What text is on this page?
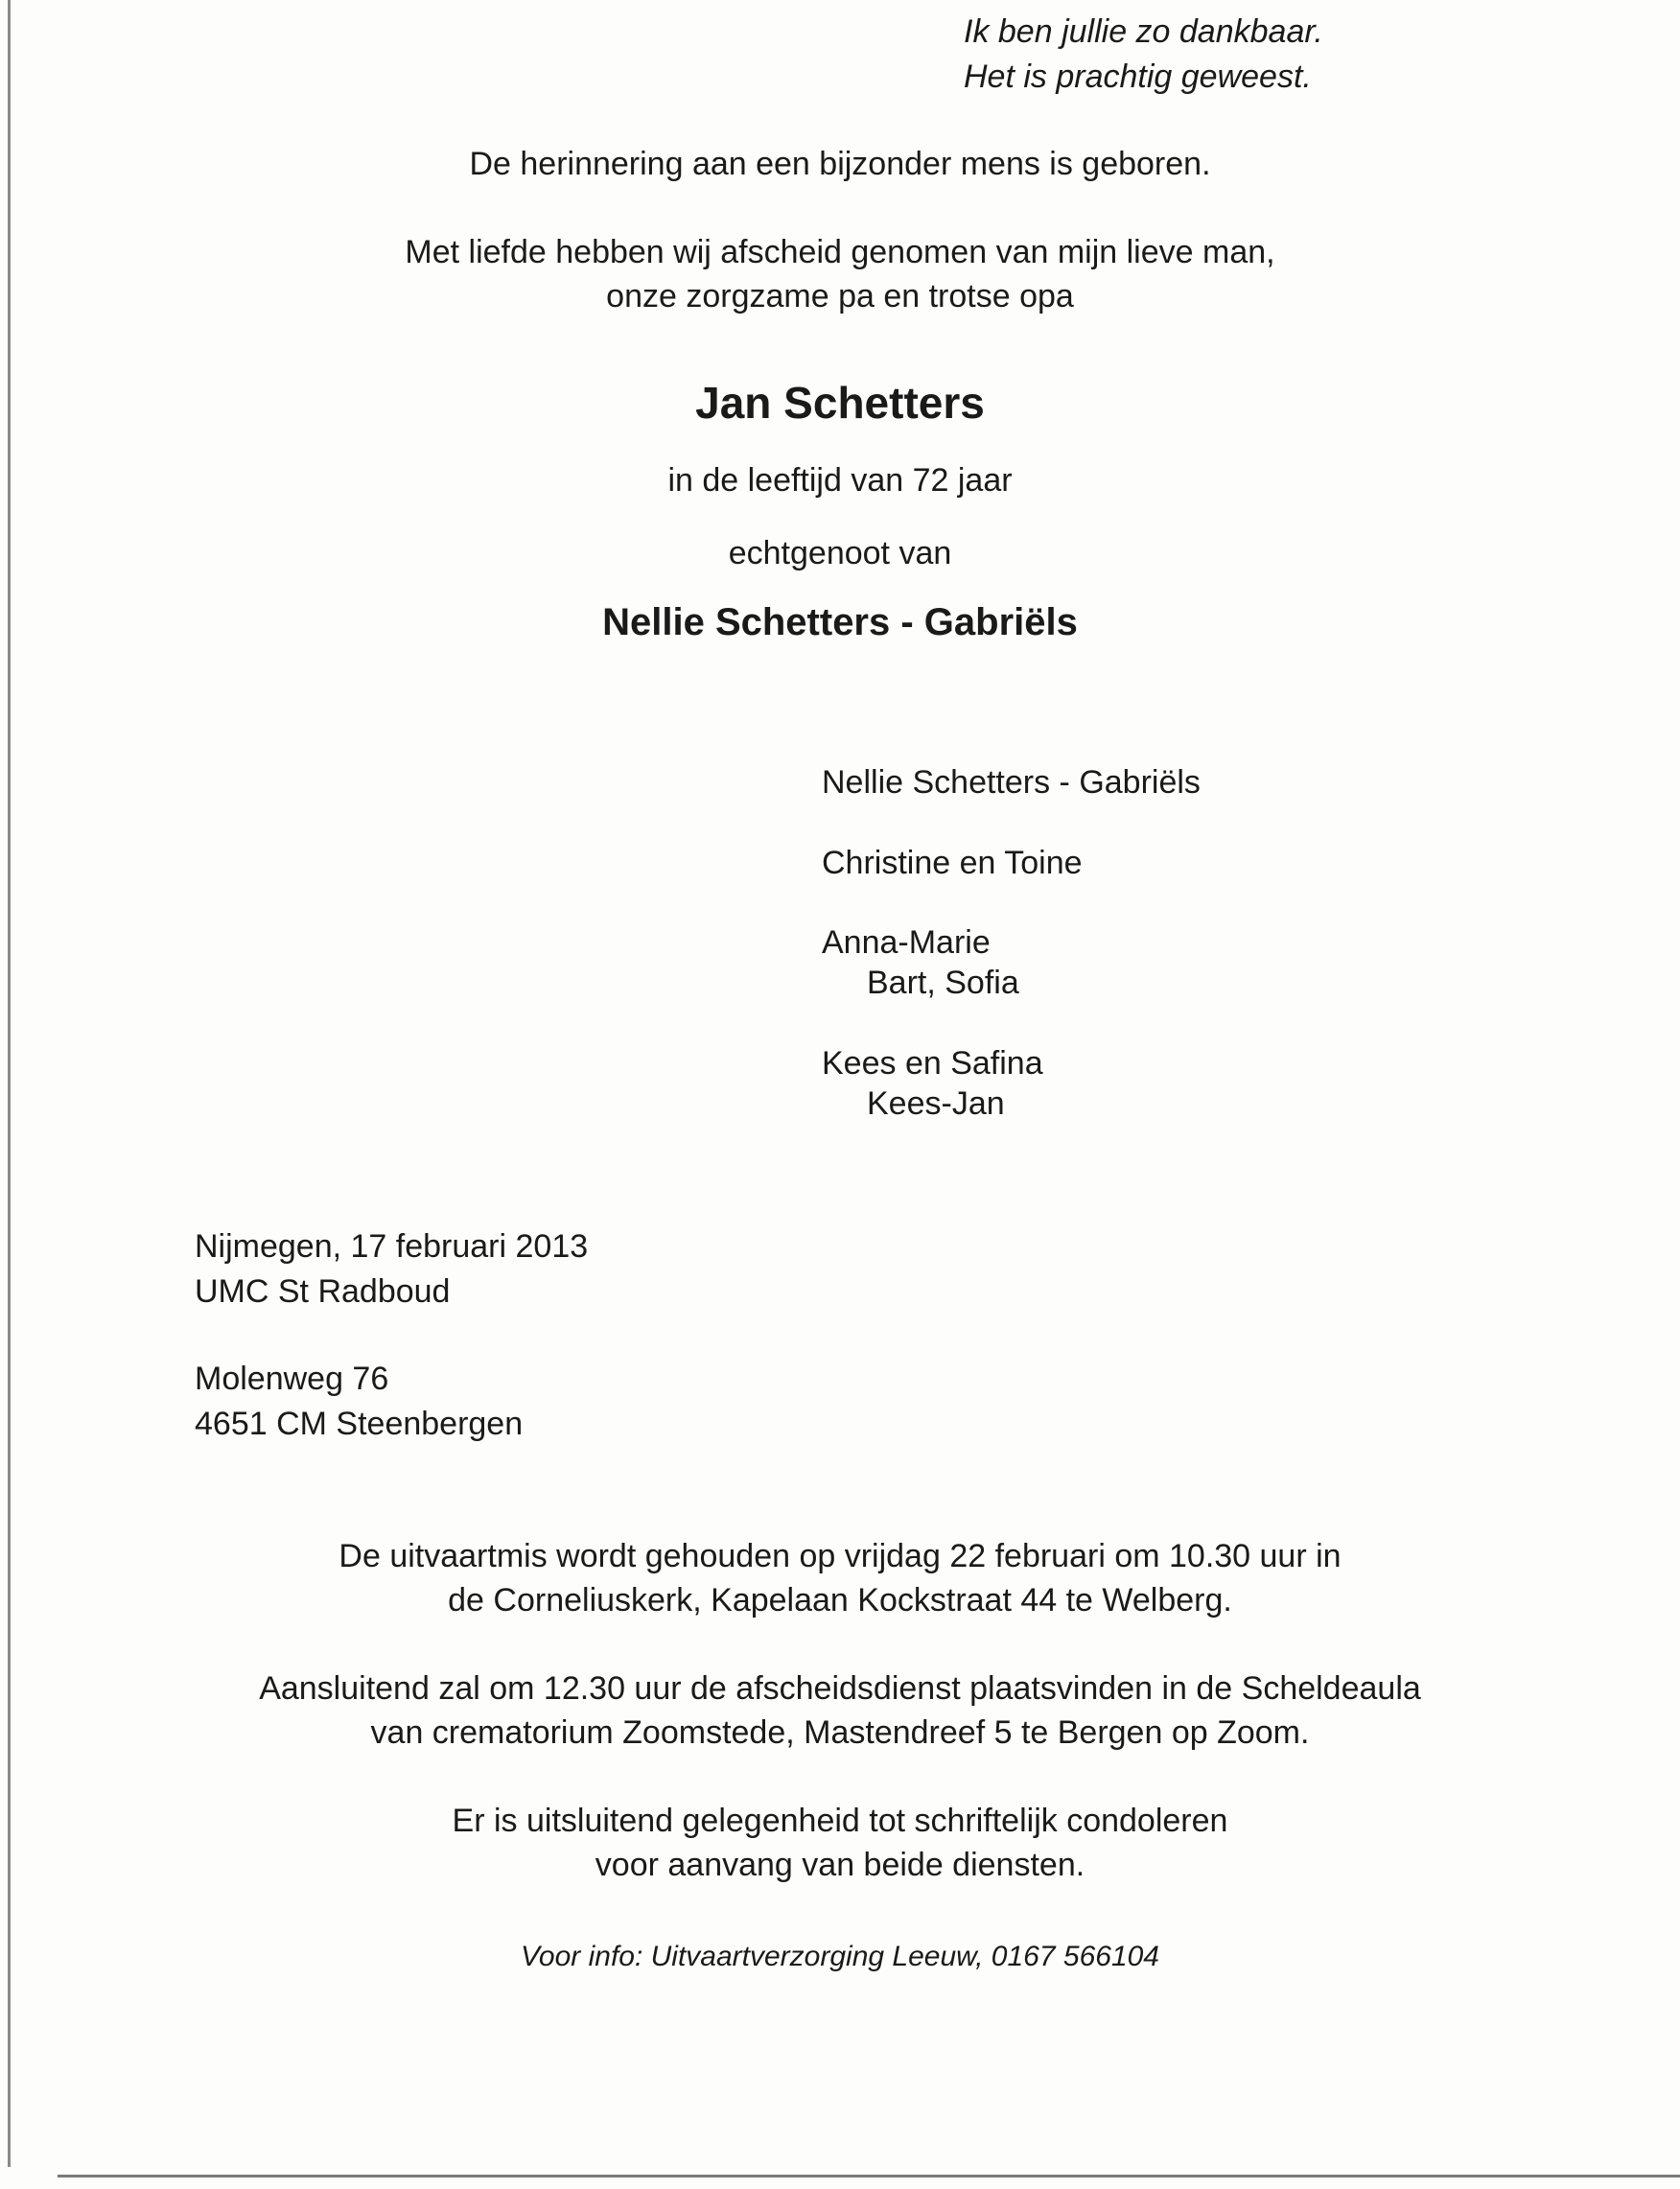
Ik ben jullie zo dankbaar.
Het is prachtig geweest.
De herinnering aan een bijzonder mens is geboren.
Met liefde hebben wij afscheid genomen van mijn lieve man,
onze zorgzame pa en trotse opa
Jan Schetters
in de leeftijd van 72 jaar
echtgenoot van
Nellie Schetters - Gabriëls
Nellie Schetters - Gabriëls
Christine en Toine
Anna-Marie
Bart, Sofia
Kees en Safina
Kees-Jan
Nijmegen, 17 februari 2013
UMC St Radboud
Molenweg 76
4651 CM Steenbergen
De uitvaartmis wordt gehouden op vrijdag 22 februari om 10.30 uur in
de Corneliuskerk, Kapelaan Kockstraat 44 te Welberg.
Aansluitend zal om 12.30 uur de afscheidsdienst plaatsvinden in de Scheldeaula
van crematorium Zoomstede, Mastendreef 5 te Bergen op Zoom.
Er is uitsluitend gelegenheid tot schriftelijk condoleren
voor aanvang van beide diensten.
Voor info: Uitvaartverzorging Leeuw, 0167 566104
